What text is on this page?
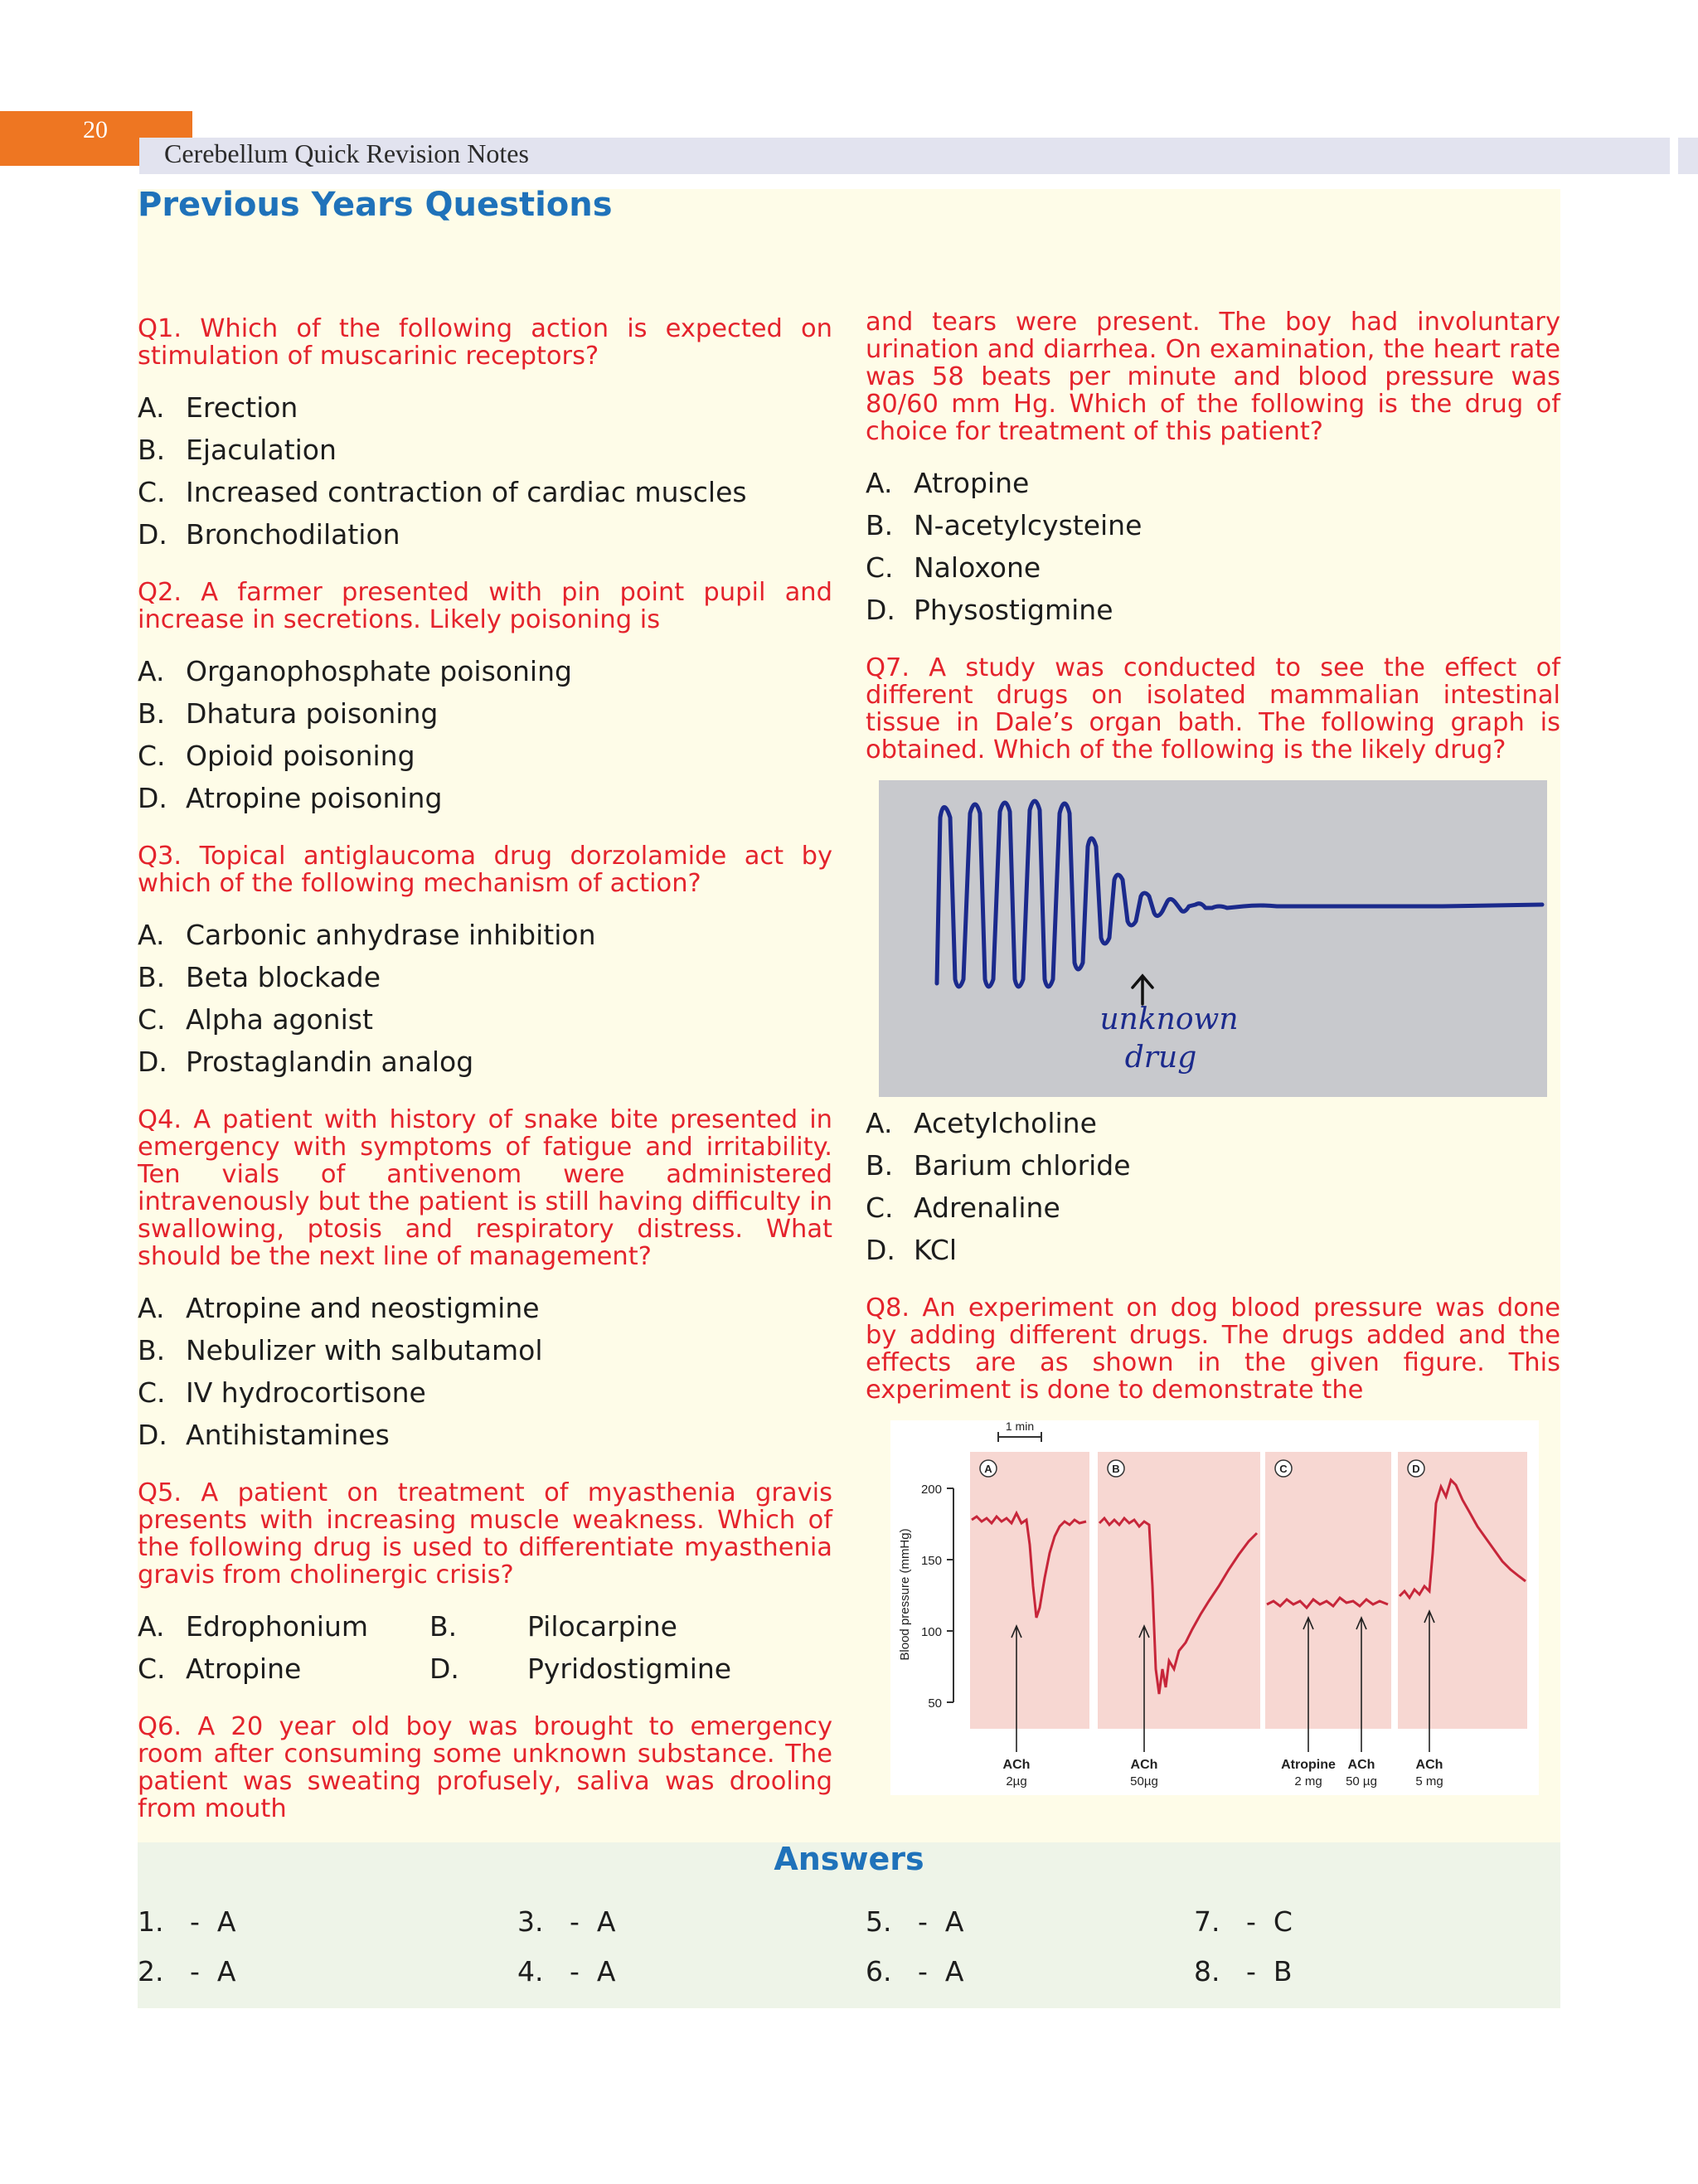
20
Cerebellum Quick Revision Notes
Previous Years Questions

Q1. Which of the following action is expected on stimulation of muscarinic receptors?

A. Erection
B. Ejaculation
C. Increased contraction of cardiac muscles
D. Bronchodilation

Q2. A farmer presented with pin point pupil and increase in secretions. Likely poisoning is

A. Organophosphate poisoning
B. Dhatura poisoning
C. Opioid poisoning
D. Atropine poisoning

Q3. Topical antiglaucoma drug dorzolamide act by which of the following mechanism of action?

A. Carbonic anhydrase inhibition
B. Beta blockade
C. Alpha agonist
D. Prostaglandin analog

Q4. A patient with history of snake bite presented in emergency with symptoms of fatigue and irritability. Ten vials of antivenom were administered intravenously but the patient is still having difficulty in swallowing, ptosis and respiratory distress. What should be the next line of management?

A. Atropine and neostigmine
B. Nebulizer with salbutamol
C. IV hydrocortisone
D. Antihistamines

Q5. A patient on treatment of myasthenia gravis presents with increasing muscle weakness. Which of the following drug is used to differentiate myasthenia gravis from cholinergic crisis?

A. Edrophonium	B.	Pilocarpine
C. Atropine	D. Pyridostigmine

Q6. A 20 year old boy was brought to emergency room after consuming some unknown substance. The patient was sweating profusely, saliva was drooling from mouth

and tears were present. The boy had involuntary urination and diarrhea. On examination, the heart rate was 58 beats per minute and blood pressure was 80/60 mm Hg. Which of the following is the drug of choice for treatment of this patient?

A. Atropine
B. N-acetylcysteine
C. Naloxone
D. Physostigmine

Q7. A study was conducted to see the effect of different drugs on isolated mammalian intestinal tissue in Dale’s organ bath. The following graph is obtained. Which of the following is the likely drug?

unknown
drug
A. Acetylcholine
B. Barium chloride
C. Adrenaline
D. KCl

Q8. An experiment on dog blood pressure was done by adding different drugs. The drugs added and the effects are as shown in the given figure. This experiment is done to demonstrate the

1 min
A	B	C	D
200
150
100
50
Blood pressure (mmHg)
ACh
2µg
ACh
50µg
Atropine
2 mg
ACh
50 µg
ACh
5 mg
Answers
1.   -  A
2.   -  A
3.   -  A
4.   -  A
5.   -  A
6.   -  A
7.   -  C
8.   -  B
